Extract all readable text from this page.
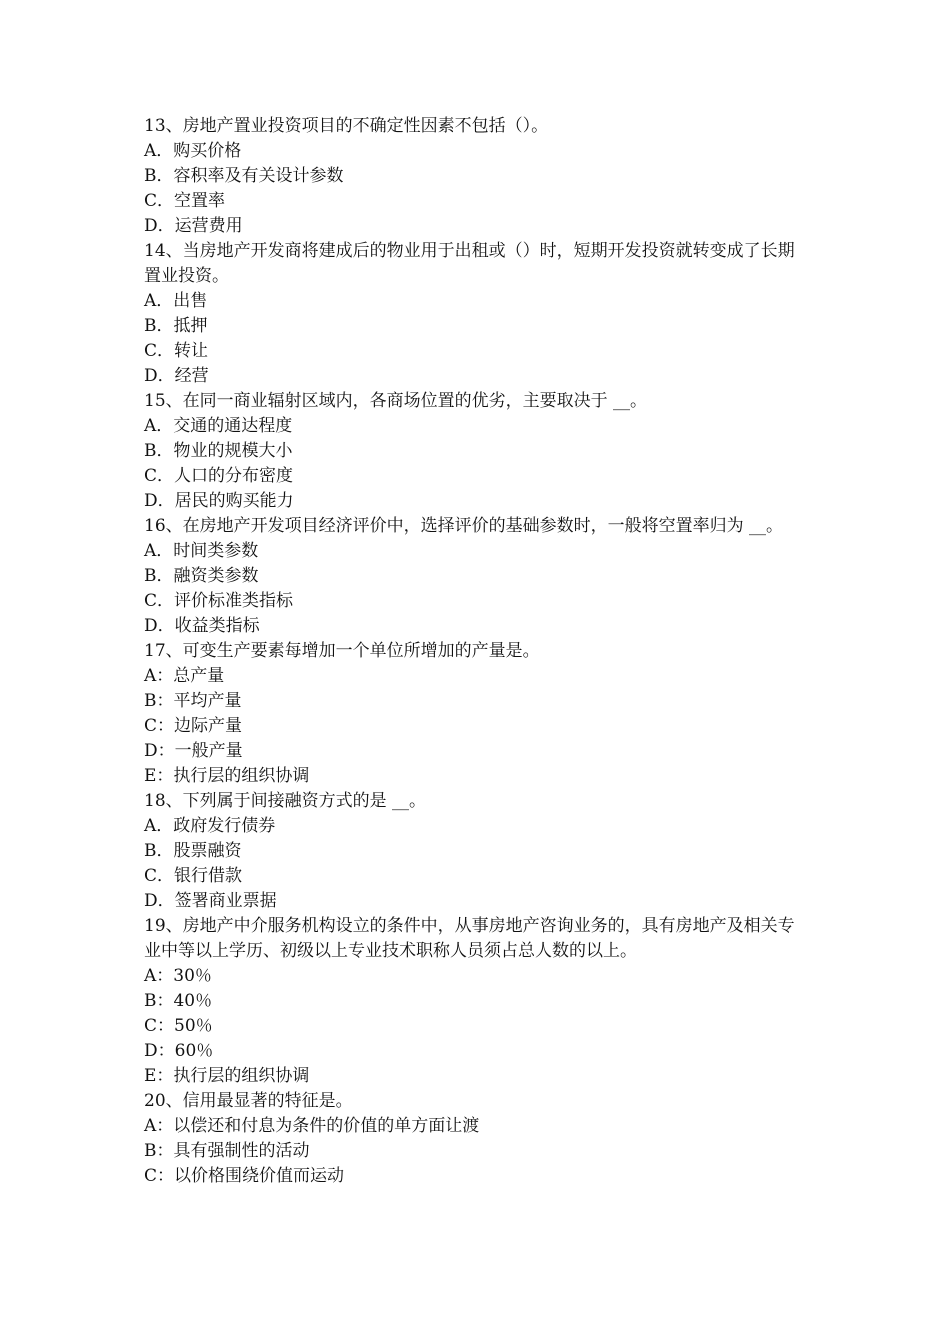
13、房地产置业投资项目的不确定性因素不包括（）。
A．购买价格
B．容积率及有关设计参数
C．空置率
D．运营费用
14、当房地产开发商将建成后的物业用于出租或（）时，短期开发投资就转变成了长期置业投资。
A．出售
B．抵押
C．转让
D．经营
15、在同一商业辐射区域内，各商场位置的优劣，主要取决于 __。
A．交通的通达程度
B．物业的规模大小
C．人口的分布密度
D．居民的购买能力
16、在房地产开发项目经济评价中，选择评价的基础参数时，一般将空置率归为 __。
A．时间类参数
B．融资类参数
C．评价标准类指标
D．收益类指标
17、可变生产要素每增加一个单位所增加的产量是。
A：总产量
B：平均产量
C：边际产量
D：一般产量
E：执行层的组织协调
18、下列属于间接融资方式的是 __。
A．政府发行债券
B．股票融资
C．银行借款
D．签署商业票据
19、房地产中介服务机构设立的条件中，从事房地产咨询业务的，具有房地产及相关专业中等以上学历、初级以上专业技术职称人员须占总人数的以上。
A：30％
B：40％
C：50％
D：60％
E：执行层的组织协调
20、信用最显著的特征是。
A：以偿还和付息为条件的价值的单方面让渡
B：具有强制性的活动
C：以价格围绕价值而运动
